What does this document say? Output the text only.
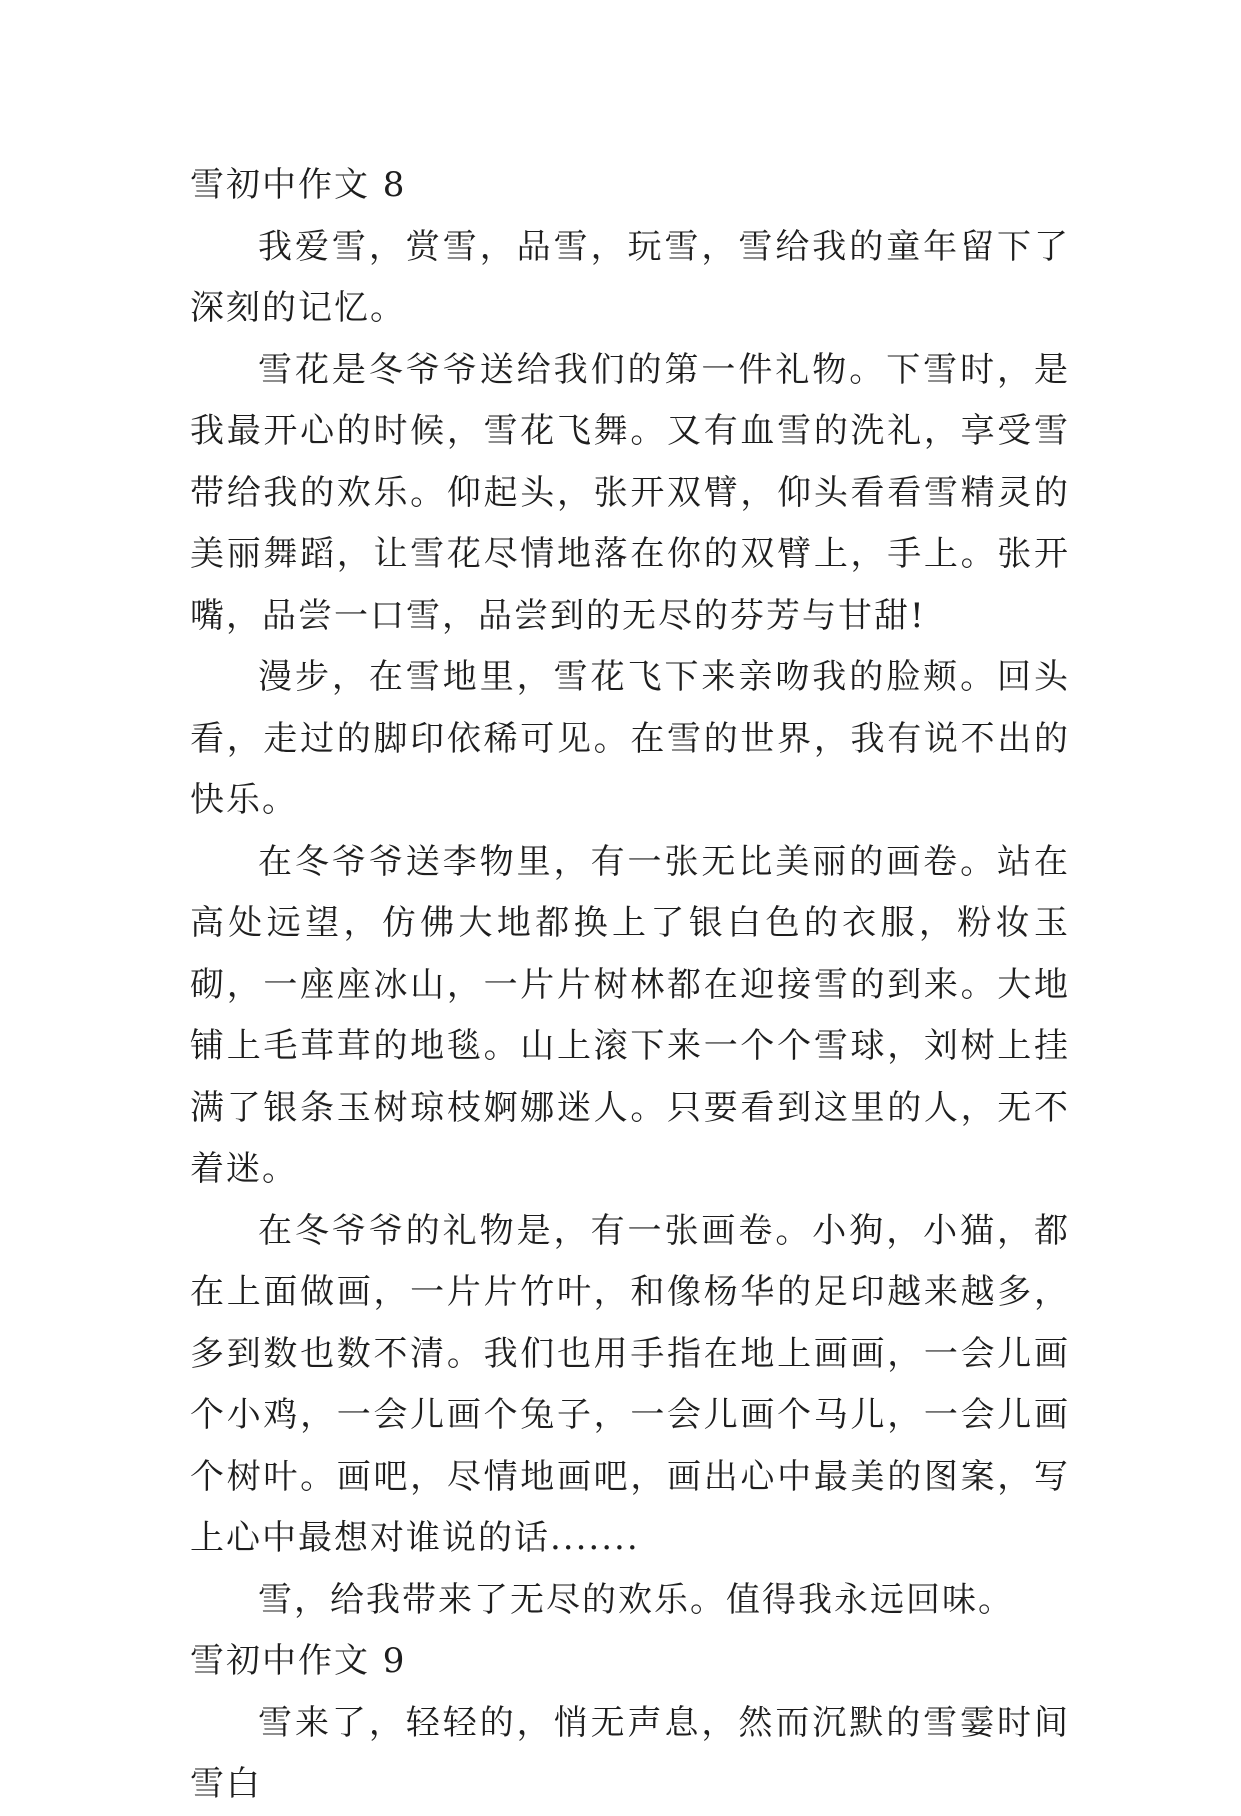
雪初中作文 8

我爱雪，赏雪，品雪，玩雪，雪给我的童年留下了深刻的记忆。

雪花是冬爷爷送给我们的第一件礼物。下雪时，是我最开心的时候，雪花飞舞。又有血雪的洗礼，享受雪带给我的欢乐。仰起头，张开双臂，仰头看看雪精灵的美丽舞蹈，让雪花尽情地落在你的双臂上，手上。张开嘴，品尝一口雪，品尝到的无尽的芬芳与甘甜!

漫步，在雪地里，雪花飞下来亲吻我的脸颊。回头看，走过的脚印依稀可见。在雪的世界，我有说不出的快乐。

在冬爷爷送李物里，有一张无比美丽的画卷。站在高处远望，仿佛大地都换上了银白色的衣服，粉妆玉砌，一座座冰山，一片片树林都在迎接雪的到来。大地铺上毛茸茸的地毯。山上滚下来一个个雪球，刘树上挂满了银条玉树琼枝婀娜迷人。只要看到这里的人，无不着迷。

在冬爷爷的礼物是，有一张画卷。小狗，小猫，都在上面做画，一片片竹叶，和像杨华的足印越来越多，多到数也数不清。我们也用手指在地上画画，一会儿画个小鸡，一会儿画个兔子，一会儿画个马儿，一会儿画个树叶。画吧，尽情地画吧，画出心中最美的图案，写上心中最想对谁说的话.......

雪，给我带来了无尽的欢乐。值得我永远回味。

雪初中作文 9

雪来了，轻轻的，悄无声息，然而沉默的雪霎时间雪白
